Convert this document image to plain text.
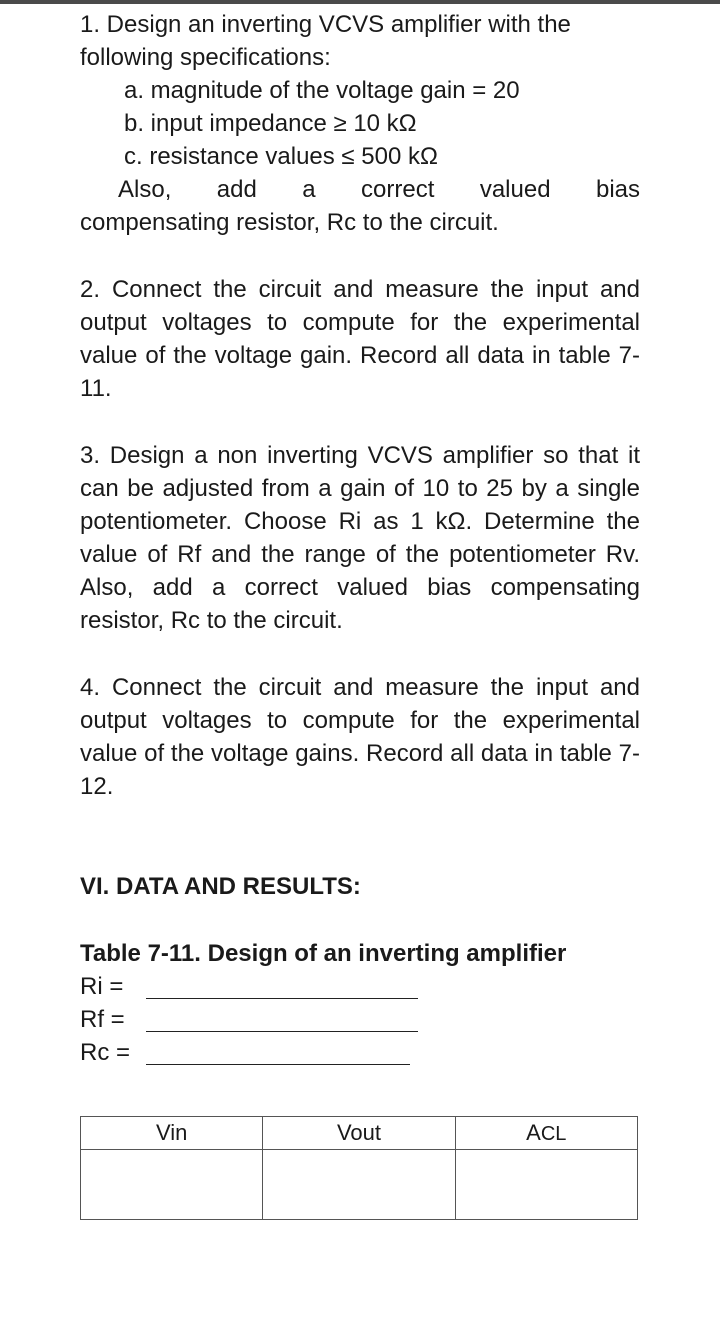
1. Design an inverting VCVS amplifier with the

following specifications:

a. magnitude of the voltage gain = 20

b. input impedance ≥ 10 kΩ

c. resistance values ≤ 500 kΩ

Also, add a correct valued bias

compensating resistor, Rc to the circuit.

2. Connect the circuit and measure the input and output voltages to compute for the experimental value of the voltage gain. Record all data in table 7-11.

3. Design a non inverting VCVS amplifier so that it can be adjusted from a gain of 10 to 25 by a single potentiometer. Choose Ri as 1 kΩ. Determine the value of Rf and the range of the potentiometer Rv. Also, add a correct valued bias compensating resistor, Rc to the circuit.

4. Connect the circuit and measure the input and output voltages to compute for the experimental value of the voltage gains. Record all data in table 7-12.

VI. DATA AND RESULTS:

Table 7-11. Design of an inverting amplifier

Ri =
Rf =
Rc =
Vin	Vout	ACL
